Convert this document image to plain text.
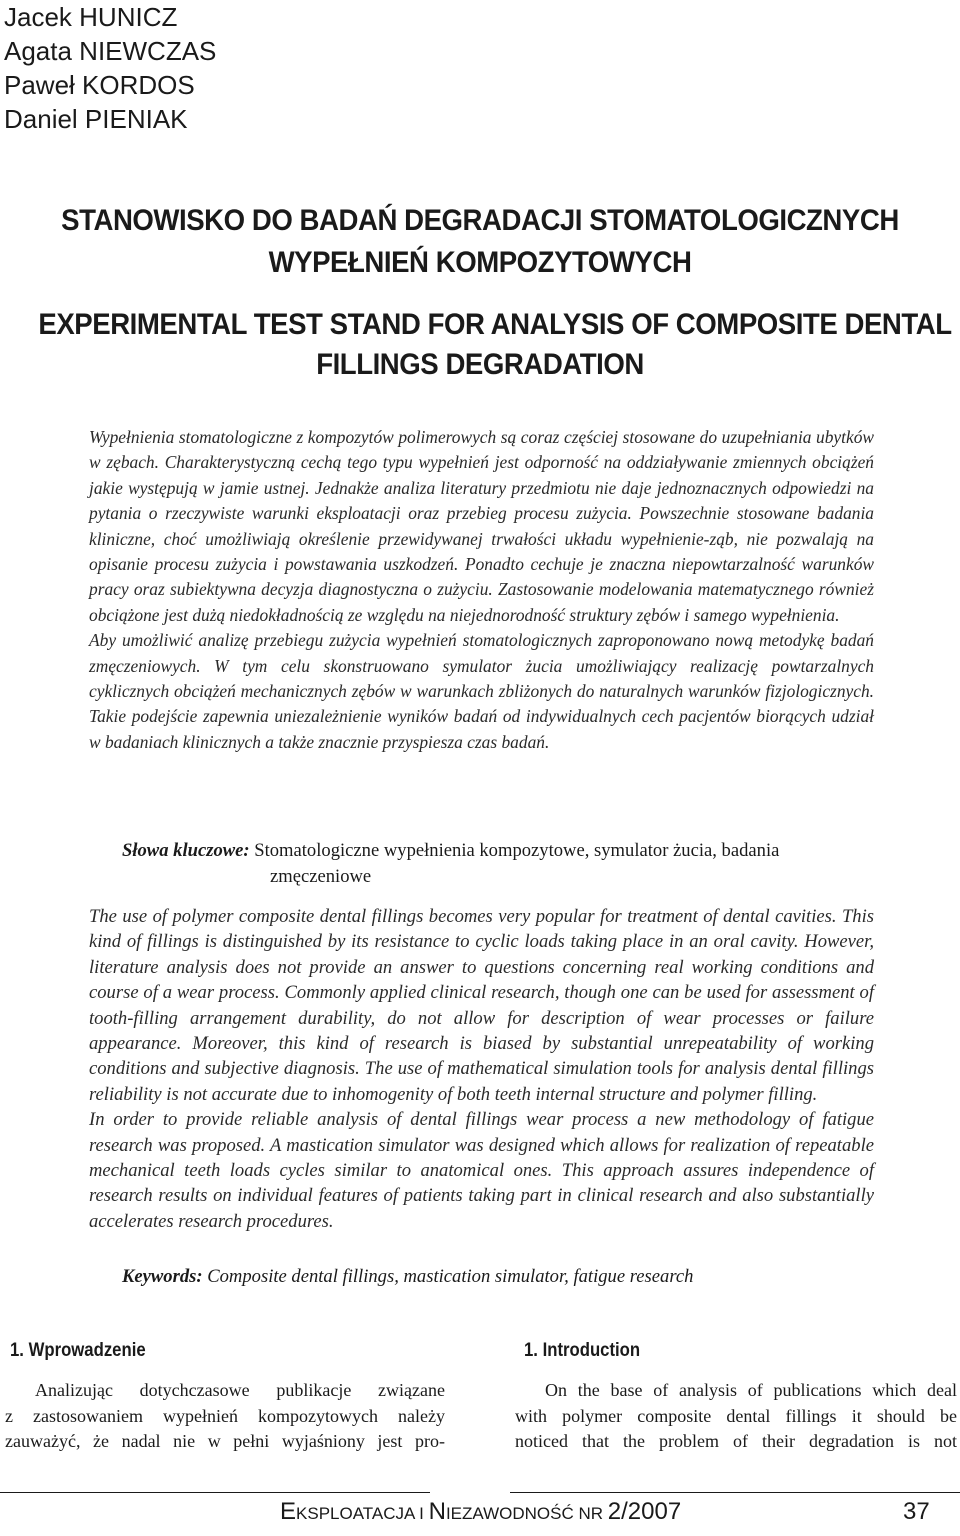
Jacek HUNICZ
Agata NIEWCZAS
Paweł KORDOS
Daniel PIENIAK
STANOWISKO DO BADAŃ DEGRADACJI STOMATOLOGICZNYCH
WYPEŁNIEŃ KOMPOZYTOWYCH
EXPERIMENTAL TEST STAND FOR ANALYSIS OF COMPOSITE DENTAL
FILLINGS DEGRADATION

Wypełnienia stomatologiczne z kompozytów polimerowych są coraz częściej stosowane do uzupełniania ubytków w zębach. Charakterystyczną cechą tego typu wypełnień jest odporność na oddziaływanie zmiennych obciążeń jakie występują w jamie ustnej. Jednakże analiza literatury przedmiotu nie daje jednoznacznych odpowiedzi na pytania o rzeczywiste warunki eksploatacji oraz przebieg procesu zużycia. Powszechnie stosowane badania kliniczne, choć umożliwiają określenie przewidywanej trwałości układu wypełnienie-ząb, nie pozwalają na opisanie procesu zużycia i powstawania uszkodzeń. Ponadto cechuje je znaczna niepowtarzalność warunków pracy oraz subiektywna decyzja diagnostyczna o zużyciu. Zastosowanie modelowania matematycznego również obciążone jest dużą niedokładnością ze względu na niejednorodność struktury zębów i samego wypełnienia.

Aby umożliwić analizę przebiegu zużycia wypełnień stomatologicznych zaproponowano nową metodykę badań zmęczeniowych. W tym celu skonstruowano symulator żucia umożliwiający realizację powtarzalnych cyklicznych obciążeń mechanicznych zębów w warunkach zbliżonych do naturalnych warunków fizjologicznych. Takie podejście zapewnia uniezależnienie wyników badań od indywidualnych cech pacjentów biorących udział w badaniach klinicznych a także znacznie przyspiesza czas badań.

Słowa kluczowe: Stomatologiczne wypełnienia kompozytowe, symulator żucia, badania
zmęczeniowe

The use of polymer composite dental fillings becomes very popular for treatment of dental cavities. This kind of fillings is distinguished by its resistance to cyclic loads taking place in an oral cavity. However, literature analysis does not provide an answer to questions concerning real working conditions and course of a wear process. Commonly applied clinical research, though one can be used for assessment of tooth-filling arrangement durability, do not allow for description of wear processes or failure appearance. Moreover, this kind of research is biased by substantial unrepeatability of working conditions and subjective diagnosis. The use of mathematical simulation tools for analysis dental fillings reliability is not accurate due to inhomogenity of both teeth internal structure and polymer filling.

In order to provide reliable analysis of dental fillings wear process a new methodology of fatigue research was proposed. A mastication simulator was designed which allows for realization of repeatable mechanical teeth loads cycles similar to anatomical ones. This approach assures independence of research results on individual features of patients taking part in clinical research and also substantially accelerates research procedures.

Keywords: Composite dental fillings, mastication simulator, fatigue research
1. Wprowadzenie	1. Introduction
Analizując dotychczasowe publikacje związane
z zastosowaniem wypełnień kompozytowych należy
zauważyć, że nadal nie w pełni wyjaśniony jest pro-
On the base of analysis of publications which deal
with polymer composite dental fillings it should be
noticed that the problem of their degradation is not
EKSPLOATACJA I NIEZAWODNOŚĆ NR 2/2007	37
